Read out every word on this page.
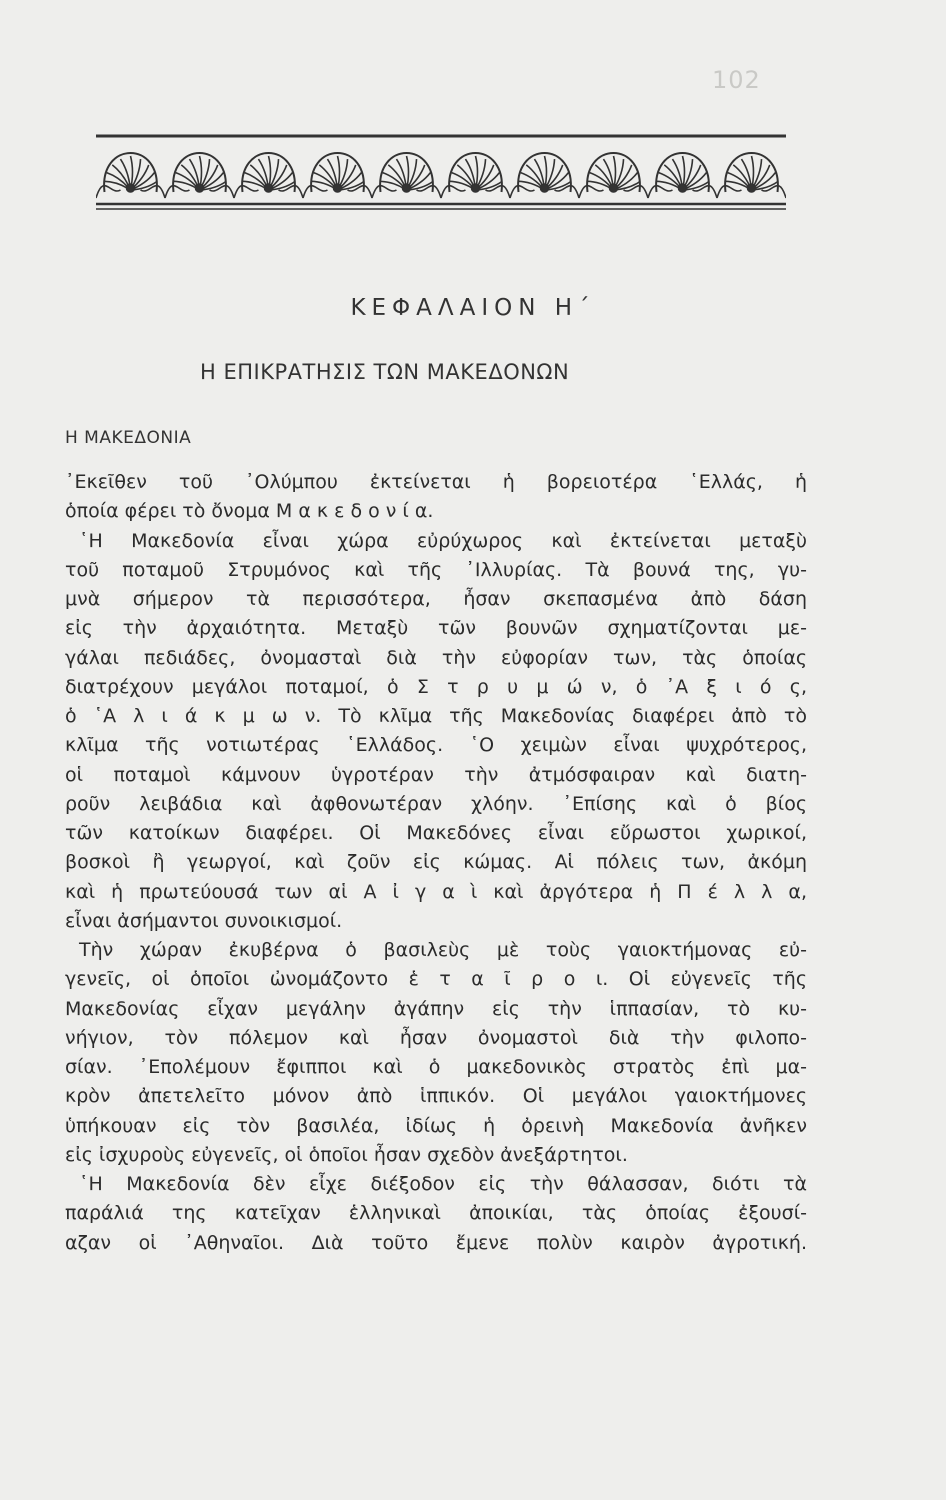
102
ΚΕΦΑΛΑΙΟΝ Η΄
Η ΕΠΙΚΡΑΤΗΣΙΣ ΤΩΝ ΜΑΚΕΔΟΝΩΝ
Η ΜΑΚΕΔΟΝΙΑ
᾿Εκεῖθεν τοῦ ᾿Ολύμπου ἐκτείνεται ἡ βορειοτέρα ῾Ελλάς, ἡ
ὁποία φέρει τὸ ὄνομα Μ α κ ε δ ο ν ί α.
῾Η Μακεδονία εἶναι χώρα εὐρύχωρος καὶ ἐκτείνεται μεταξὺ
τοῦ ποταμοῦ Στρυμόνος καὶ τῆς ᾿Ιλλυρίας. Τὰ βουνά της, γυ-
μνὰ σήμερον τὰ περισσότερα, ἦσαν σκεπασμένα ἀπὸ δάση
εἰς τὴν ἀρχαιότητα. Μεταξὺ τῶν βουνῶν σχηματίζονται με-
γάλαι πεδιάδες, ὀνομασταὶ διὰ τὴν εὐφορίαν των, τὰς ὁποίας
διατρέχουν μεγάλοι ποταμοί, ὁ Σ τ ρ υ μ ώ ν, ὁ ᾿Α ξ ι ό ς,
ὁ ῾Α λ ι ά κ μ ω ν. Τὸ κλῖμα τῆς Μακεδονίας διαφέρει ἀπὸ τὸ
κλῖμα τῆς νοτιωτέρας ῾Ελλάδος. ῾Ο χειμὼν εἶναι ψυχρότερος,
οἱ ποταμοὶ κάμνουν ὑγροτέραν τὴν ἀτμόσφαιραν καὶ διατη-
ροῦν λειβάδια καὶ ἀφθονωτέραν χλόην. ᾿Επίσης καὶ ὁ βίος
τῶν κατοίκων διαφέρει. Οἱ Μακεδόνες εἶναι εὔρωστοι χωρικοί,
βοσκοὶ ἢ γεωργοί, καὶ ζοῦν εἰς κώμας. Αἱ πόλεις των, ἀκόμη
καὶ ἡ πρωτεύουσά των αἱ Α ἰ γ α ὶ καὶ ἀργότερα ἡ Π έ λ λ α,
εἶναι ἀσήμαντοι συνοικισμοί.
Τὴν χώραν ἐκυβέρνα ὁ βασιλεὺς μὲ τοὺς γαιοκτήμονας εὐ-
γενεῖς, οἱ ὁποῖοι ὠνομάζοντο ἑ τ α ῖ ρ ο ι. Οἱ εὐγενεῖς τῆς
Μακεδονίας εἶχαν μεγάλην ἀγάπην εἰς τὴν ἱππασίαν, τὸ κυ-
νήγιον, τὸν πόλεμον καὶ ἦσαν ὀνομαστοὶ διὰ τὴν φιλοπο-
σίαν. ᾿Επολέμουν ἔφιπποι καὶ ὁ μακεδονικὸς στρατὸς ἐπὶ μα-
κρὸν ἀπετελεῖτο μόνον ἀπὸ ἱππικόν. Οἱ μεγάλοι γαιοκτήμονες
ὑπήκουαν εἰς τὸν βασιλέα, ἰδίως ἡ ὀρεινὴ Μακεδονία ἀνῆκεν
εἰς ἰσχυροὺς εὐγενεῖς, οἱ ὁποῖοι ἦσαν σχεδὸν ἀνεξάρτητοι.
῾Η Μακεδονία δὲν εἶχε διέξοδον εἰς τὴν θάλασσαν, διότι τὰ
παράλιά της κατεῖχαν ἑλληνικαὶ ἀποικίαι, τὰς ὁποίας ἐξουσί-
αζαν οἱ ᾿Αθηναῖοι. Διὰ τοῦτο ἔμενε πολὺν καιρὸν ἀγροτική.
